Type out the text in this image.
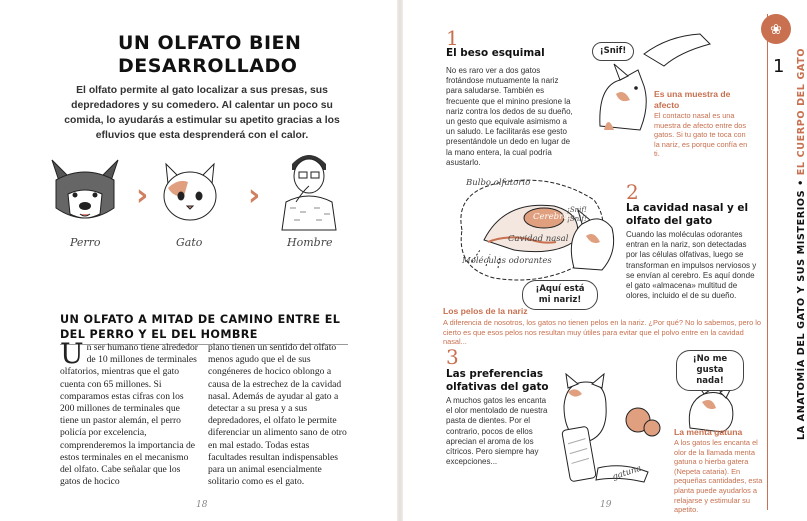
UN OLFATO BIEN DESARROLLADO
El olfato permite al gato localizar a sus presas, sus depredadores y su comedero. Al calentar un poco su comida, lo ayudarás a estimular su apetito gracias a los efluvios que esta desprenderá con el calor.
Perro
›
Gato
›
Hombre
UN OLFATO A MITAD DE CAMINO ENTRE EL DEL PERRO Y EL DEL HOMBRE
Un ser humano tiene alrededor de 10 millones de terminales olfatorios, mientras que el gato cuenta con 65 millones. Si comparamos estas cifras con los 200 millones de terminales que tiene un pastor alemán, el perro policía por excelencia, comprenderemos la importancia de estos terminales en el mecanismo del olfato. Cabe señalar que los gatos de hocico
plano tienen un sentido del olfato menos agudo que el de sus congéneres de hocico oblongo a causa de la estrechez de la cavidad nasal. Además de ayudar al gato a detectar a su presa y a sus depredadores, el olfato le permite diferenciar un alimento sano de otro en mal estado. Todas estas facultades resultan indispensables para un animal esencialmente solitario como es el gato.
18
1
El beso esquimal
No es raro ver a dos gatos frotándose mutuamente la nariz para saludarse. También es frecuente que el minino presione la nariz contra los dedos de su dueño, un gesto que equivale asimismo a un saludo. Le facilitarás ese gesto presentándole un dedo en lugar de la mano entera, la cual podría asustarlo.
¡Snif!
Es una muestra de afecto
El contacto nasal es una muestra de afecto entre dos gatos. Si tu gato te toca con la nariz, es porque confía en ti.
Bulbo olfatorio
Cerebro
Cavidad nasal
Moléculas odorantes
¡Snif! ¡Snif!
2
La cavidad nasal y el olfato del gato
Cuando las moléculas odorantes entran en la nariz, son detectadas por las células olfativas, luego se transforman en impulsos nerviosos y se envían al cerebro. Es aquí donde el gato «almacena» multitud de olores, incluido el de su dueño.
¡Aquí está mi nariz!
Los pelos de la nariz
A diferencia de nosotros, los gatos no tienen pelos en la nariz. ¿Por qué? No lo sabemos, pero lo cierto es que esos pelos nos resultan muy útiles para evitar que el polvo entre en la cavidad nasal...
3
Las preferencias olfativas del gato
A muchos gatos les encanta el olor mentolado de nuestra pasta de dientes. Por el contrario, pocos de ellos aprecian el aroma de los cítricos. Pero siempre hay excepciones...
gatuna
¡No me gusta nada!
La menta gatuna
A los gatos les encanta el olor de la llamada menta gatuna o hierba gatera (Nepeta cataria). En pequeñas cantidades, esta planta puede ayudarlos a relajarse y estimular su apetito.
19
❀
1
LA ANATOMÍA DEL GATO Y SUS MISTERIOS • EL CUERPO DEL GATO
